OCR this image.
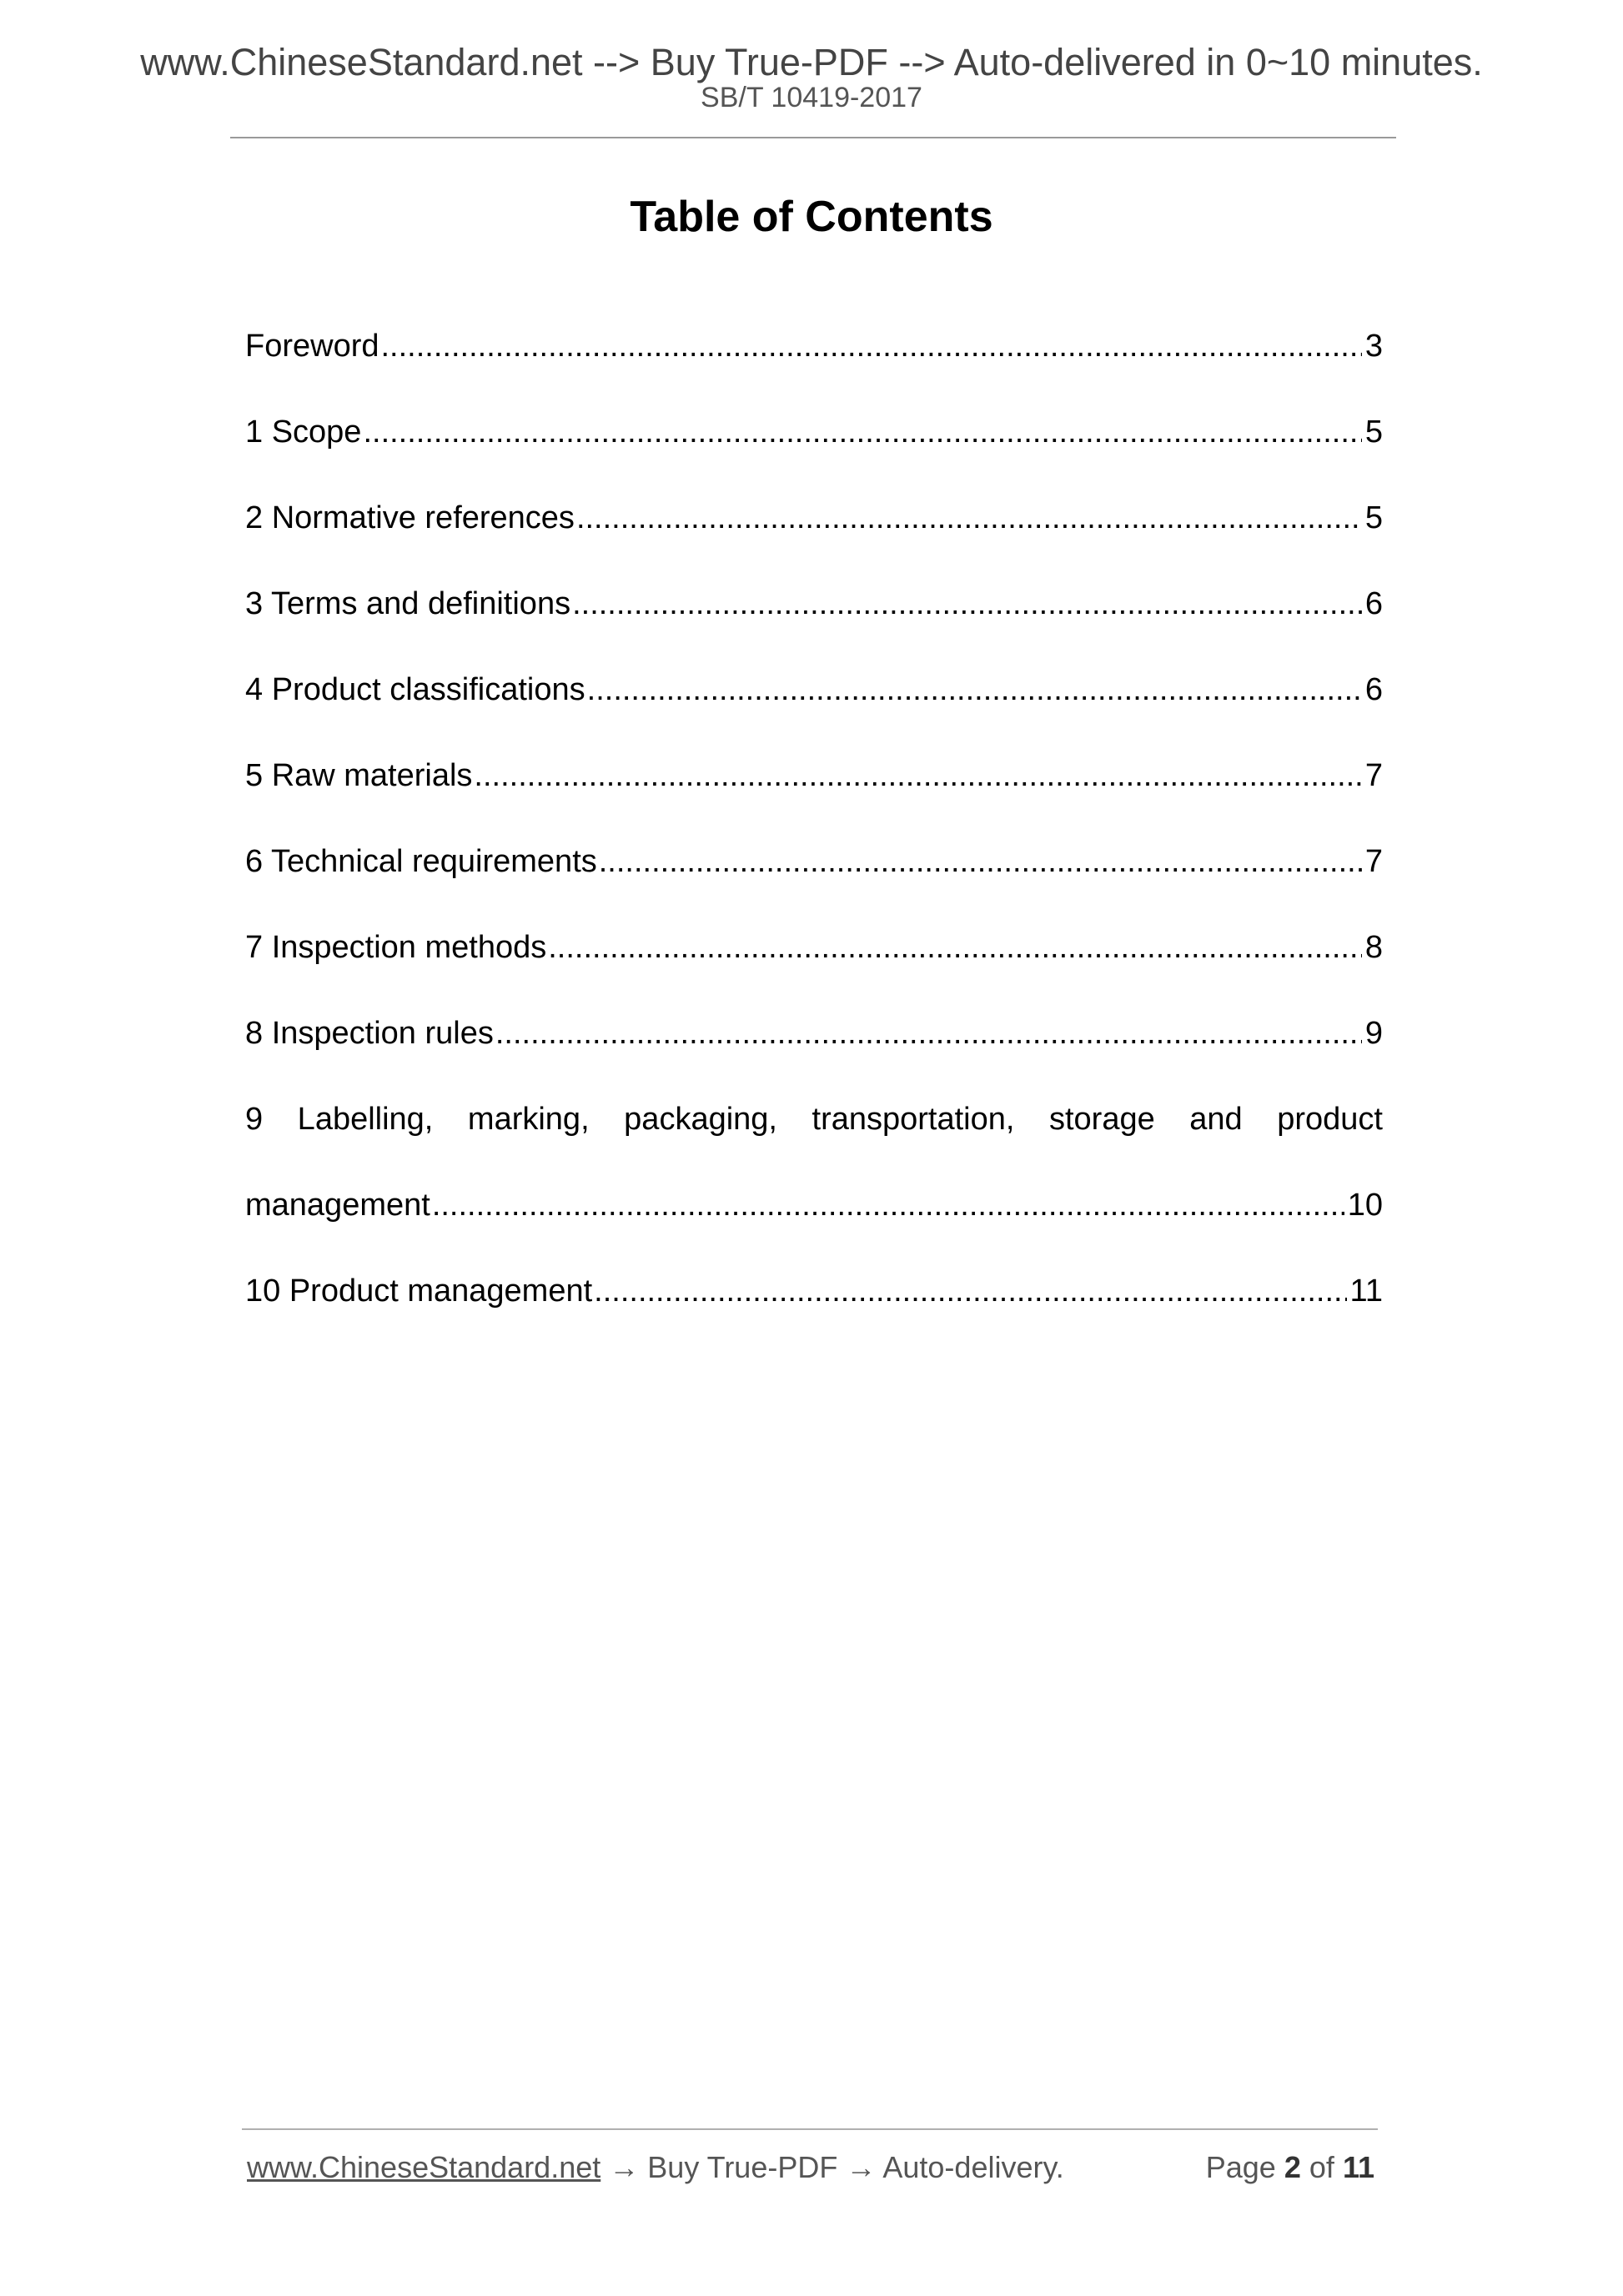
www.ChineseStandard.net --> Buy True-PDF --> Auto-delivered in 0~10 minutes.
SB/T 10419-2017
Table of Contents
Foreword .....	3
1 Scope .....	5
2 Normative references .....	5
3 Terms and definitions .....	6
4 Product classifications .....	6
5 Raw materials .....	7
6 Technical requirements .....	7
7 Inspection methods .....	8
8 Inspection rules .....	9
9 Labelling, marking, packaging, transportation, storage and product
management .....	10
10 Product management .....	11
www.ChineseStandard.net → Buy True-PDF → Auto-delivery.	Page 2 of 11
